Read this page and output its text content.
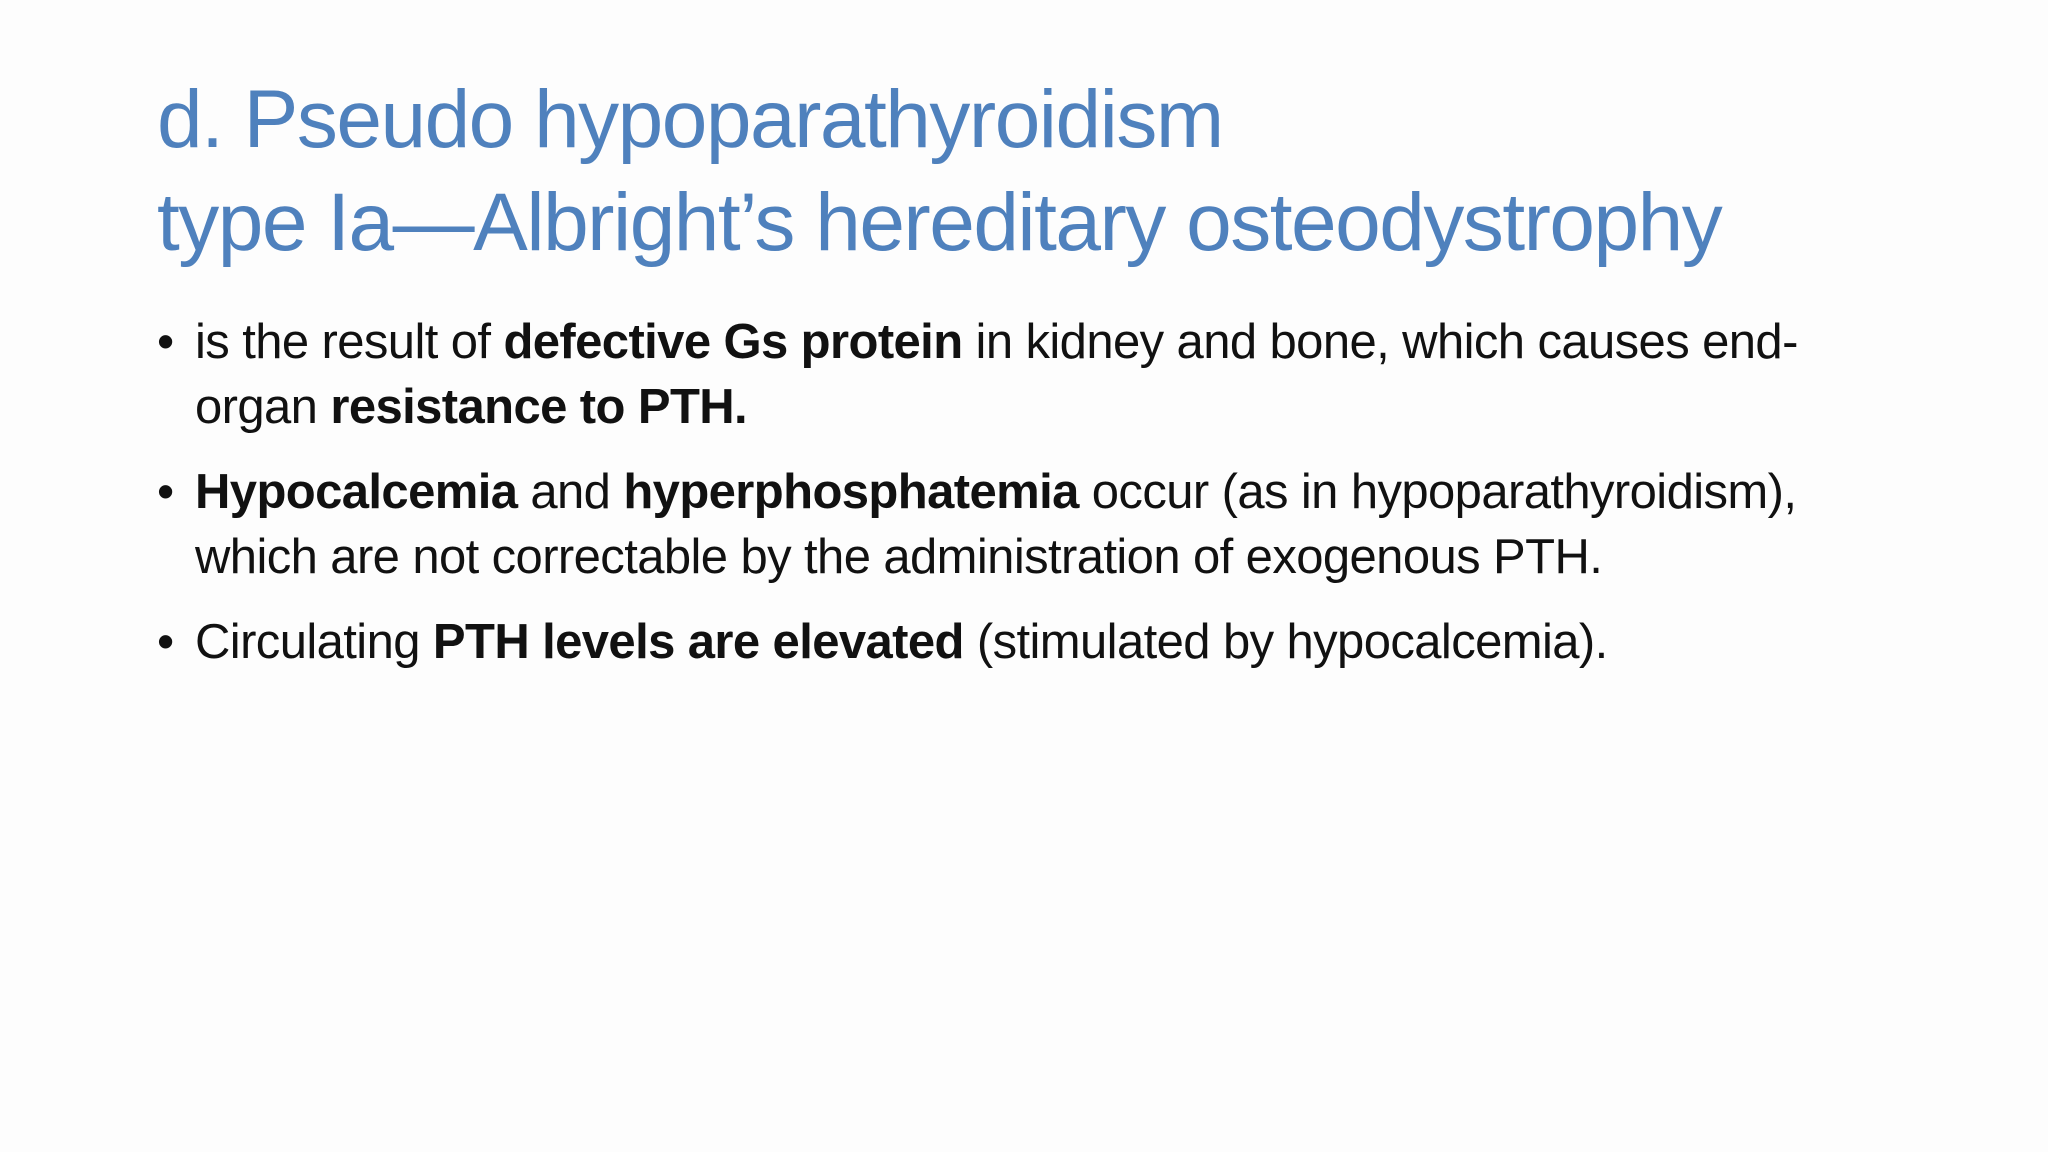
d. Pseudo hypoparathyroidism
type Ia—Albright’s hereditary osteodystrophy
• is the result of defective Gs protein in kidney and bone, which causes end-organ resistance to PTH.
• Hypocalcemia and hyperphosphatemia occur (as in hypoparathyroidism), which are not correctable by the administration of exogenous PTH.
• Circulating PTH levels are elevated (stimulated by hypocalcemia).
